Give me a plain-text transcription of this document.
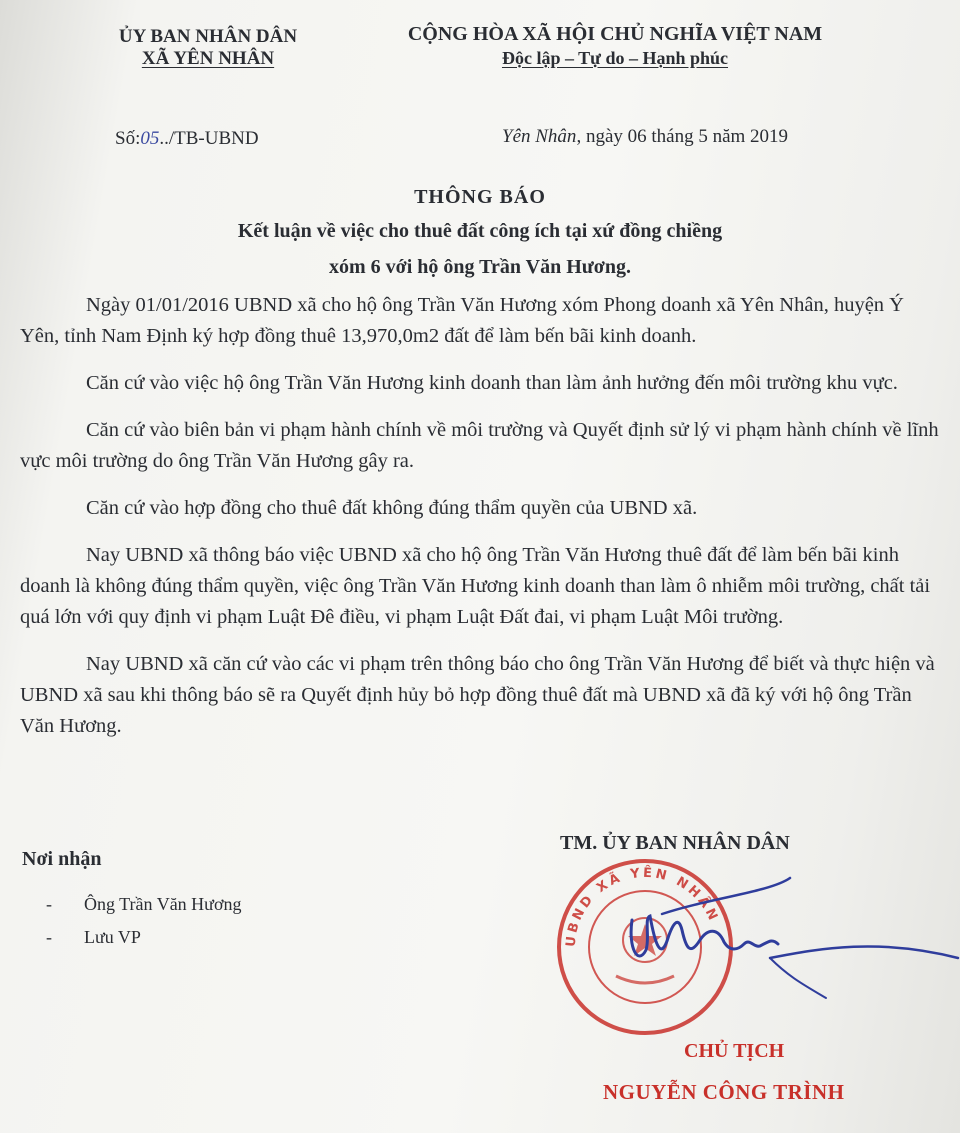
ỦY BAN NHÂN DÂN
XÃ YÊN NHÂN
CỘNG HÒA XÃ HỘI CHỦ NGHĨA VIỆT NAM
Độc lập – Tự do – Hạnh phúc
Số:05../TB-UBND	Yên Nhân, ngày 06 tháng 5 năm 2019
THÔNG BÁO
Kết luận về việc cho thuê đất công ích tại xứ đồng chiềng
xóm 6 với hộ ông Trần Văn Hương.

Ngày 01/01/2016 UBND xã cho hộ ông Trần Văn Hương xóm Phong doanh xã Yên Nhân, huyện Ý Yên, tỉnh Nam Định ký hợp đồng thuê 13,970,0m2 đất để làm bến bãi kinh doanh.

Căn cứ vào việc hộ ông Trần Văn Hương kinh doanh than làm ảnh hưởng đến môi trường khu vực.

Căn cứ vào biên bản vi phạm hành chính về môi trường và Quyết định sử lý vi phạm hành chính về lĩnh vực môi trường do ông Trần Văn Hương gây ra.

Căn cứ vào hợp đồng cho thuê đất không đúng thẩm quyền của UBND xã.

Nay UBND xã thông báo việc UBND xã cho hộ ông Trần Văn Hương thuê đất để làm bến bãi kinh doanh là không đúng thẩm quyền, việc ông Trần Văn Hương kinh doanh than làm ô nhiễm môi trường, chất tải quá lớn với quy định vi phạm Luật Đê điều, vi phạm Luật Đất đai, vi phạm Luật Môi trường.

Nay UBND xã căn cứ vào các vi phạm trên thông báo cho ông Trần Văn Hương để biết và thực hiện và UBND xã sau khi thông báo sẽ ra Quyết định hủy bỏ hợp đồng thuê đất mà UBND xã đã ký với hộ ông Trần Văn Hương.

Nơi nhận
- Ông Trần Văn Hương
- Lưu VP
TM. ỦY BAN NHÂN DÂN
UBND XÃ YÊN NHÂN
CHỦ TỊCH
NGUYỄN CÔNG TRÌNH
